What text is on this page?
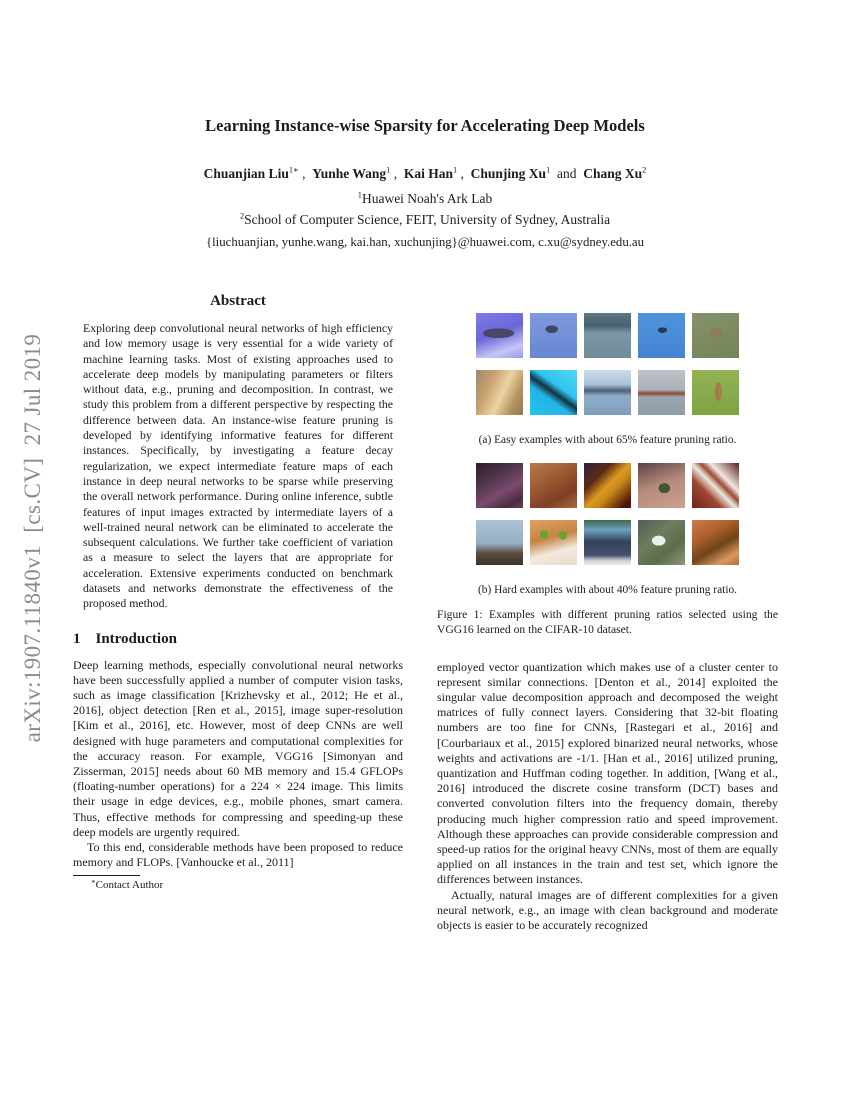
arXiv:1907.11840v1  [cs.CV]  27 Jul 2019
Learning Instance-wise Sparsity for Accelerating Deep Models
Chuanjian Liu$^{1∗}$ ,  Yunhe Wang$^1$ ,  Kai Han$^1$ ,  Chunjing Xu$^1$  and  Chang Xu$^2$
$^1$Huawei Noah's Ark Lab
$^2$School of Computer Science, FEIT, University of Sydney, Australia
{liuchuanjian, yunhe.wang, kai.han, xuchunjing}@huawei.com, c.xu@sydney.edu.au
Abstract
Exploring deep convolutional neural networks of high efficiency and low memory usage is very essential for a wide variety of machine learning tasks. Most of existing approaches used to accelerate deep models by manipulating parameters or filters without data, e.g., pruning and decomposition. In contrast, we study this problem from a different perspective by respecting the difference between data. An instance-wise feature pruning is developed by identifying informative features for different instances. Specifically, by investigating a feature decay regularization, we expect intermediate feature maps of each instance in deep neural networks to be sparse while preserving the overall network performance. During online inference, subtle features of input images extracted by intermediate layers of a well-trained neural network can be eliminated to accelerate the subsequent calculations. We further take coefficient of variation as a measure to select the layers that are appropriate for acceleration. Extensive experiments conducted on benchmark datasets and networks demonstrate the effectiveness of the proposed method.
1 Introduction

Deep learning methods, especially convolutional neural networks have been successfully applied a number of computer vision tasks, such as image classification [Krizhevsky et al., 2012; He et al., 2016], object detection [Ren et al., 2015], image super-resolution [Kim et al., 2016], etc. However, most of deep CNNs are well designed with huge parameters and computational complexities for the accuracy reason. For example, VGG16 [Simonyan and Zisserman, 2015] needs about 60 MB memory and 15.4 GFLOPs (floating-number operations) for a 224 × 224 image. This limits their usage in edge devices, e.g., mobile phones, smart camera. Thus, effective methods for compressing and speeding-up these deep models are urgently required.

To this end, considerable methods have been proposed to reduce memory and FLOPs. [Vanhoucke et al., 2011]

∗Contact Author
(a) Easy examples with about 65% feature pruning ratio.
(b) Hard examples with about 40% feature pruning ratio.
Figure 1: Examples with different pruning ratios selected using the VGG16 learned on the CIFAR-10 dataset.

employed vector quantization which makes use of a cluster center to represent similar connections. [Denton et al., 2014] exploited the singular value decomposition approach and decomposed the weight matrices of fully connect layers. Considering that 32-bit floating numbers are too fine for CNNs, [Rastegari et al., 2016] and [Courbariaux et al., 2015] explored binarized neural networks, whose weights and activations are -1/1. [Han et al., 2016] utilized pruning, quantization and Huffman coding together. In addition, [Wang et al., 2016] introduced the discrete cosine transform (DCT) bases and converted convolution filters into the frequency domain, thereby producing much higher compression ratio and speed improvement. Although these approaches can provide considerable compression and speed-up ratios for the original heavy CNNs, most of them are equally applied on all instances in the train and test set, which ignore the differences between instances.

Actually, natural images are of different complexities for a given neural network, e.g., an image with clean background and moderate objects is easier to be accurately recognized
